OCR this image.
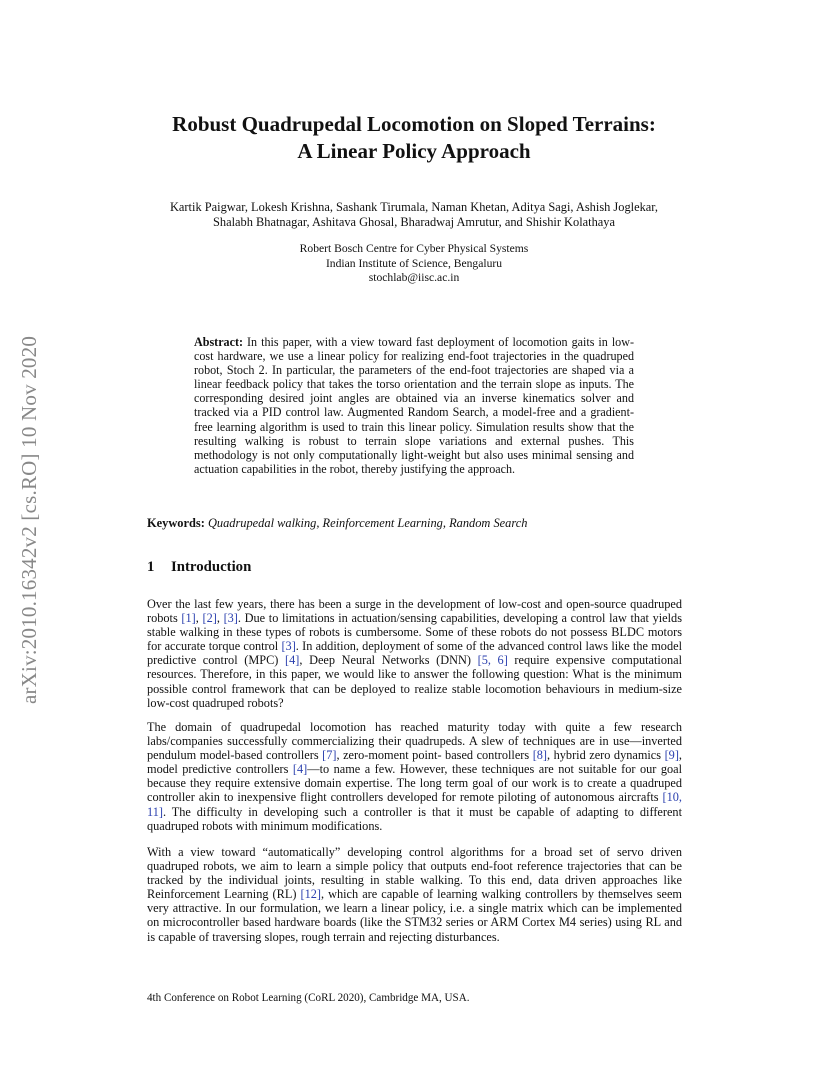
arXiv:2010.16342v2 [cs.RO] 10 Nov 2020
Robust Quadrupedal Locomotion on Sloped Terrains:
A Linear Policy Approach
Kartik Paigwar, Lokesh Krishna, Sashank Tirumala, Naman Khetan, Aditya Sagi, Ashish Joglekar,
Shalabh Bhatnagar, Ashitava Ghosal, Bharadwaj Amrutur, and Shishir Kolathaya
Robert Bosch Centre for Cyber Physical Systems
Indian Institute of Science, Bengaluru
stochlab@iisc.ac.in
Abstract: In this paper, with a view toward fast deployment of locomotion gaits in low-cost hardware, we use a linear policy for realizing end-foot trajectories in the quadruped robot, Stoch 2. In particular, the parameters of the end-foot trajectories are shaped via a linear feedback policy that takes the torso orientation and the terrain slope as inputs. The corresponding desired joint angles are obtained via an inverse kinematics solver and tracked via a PID control law. Augmented Random Search, a model-free and a gradient-free learning algorithm is used to train this linear policy. Simulation results show that the resulting walking is robust to terrain slope variations and external pushes. This methodology is not only computationally light-weight but also uses minimal sensing and actuation capabilities in the robot, thereby justifying the approach.
Keywords: Quadrupedal walking, Reinforcement Learning, Random Search
1 Introduction
Over the last few years, there has been a surge in the development of low-cost and open-source quadruped robots [1], [2], [3]. Due to limitations in actuation/sensing capabilities, developing a control law that yields stable walking in these types of robots is cumbersome. Some of these robots do not possess BLDC motors for accurate torque control [3]. In addition, deployment of some of the advanced control laws like the model predictive control (MPC) [4], Deep Neural Networks (DNN) [5, 6] require expensive computational resources. Therefore, in this paper, we would like to answer the following question: What is the minimum possible control framework that can be deployed to realize stable locomotion behaviours in medium-size low-cost quadruped robots?
The domain of quadrupedal locomotion has reached maturity today with quite a few research labs/companies successfully commercializing their quadrupeds. A slew of techniques are in use—inverted pendulum model-based controllers [7], zero-moment point- based controllers [8], hybrid zero dynamics [9], model predictive controllers [4]—to name a few. However, these techniques are not suitable for our goal because they require extensive domain expertise. The long term goal of our work is to create a quadruped controller akin to inexpensive flight controllers developed for remote piloting of autonomous aircrafts [10, 11]. The difficulty in developing such a controller is that it must be capable of adapting to different quadruped robots with minimum modifications.
With a view toward “automatically” developing control algorithms for a broad set of servo driven quadruped robots, we aim to learn a simple policy that outputs end-foot reference trajectories that can be tracked by the individual joints, resulting in stable walking. To this end, data driven approaches like Reinforcement Learning (RL) [12], which are capable of learning walking controllers by themselves seem very attractive. In our formulation, we learn a linear policy, i.e. a single matrix which can be implemented on microcontroller based hardware boards (like the STM32 series or ARM Cortex M4 series) using RL and is capable of traversing slopes, rough terrain and rejecting disturbances.
4th Conference on Robot Learning (CoRL 2020), Cambridge MA, USA.
